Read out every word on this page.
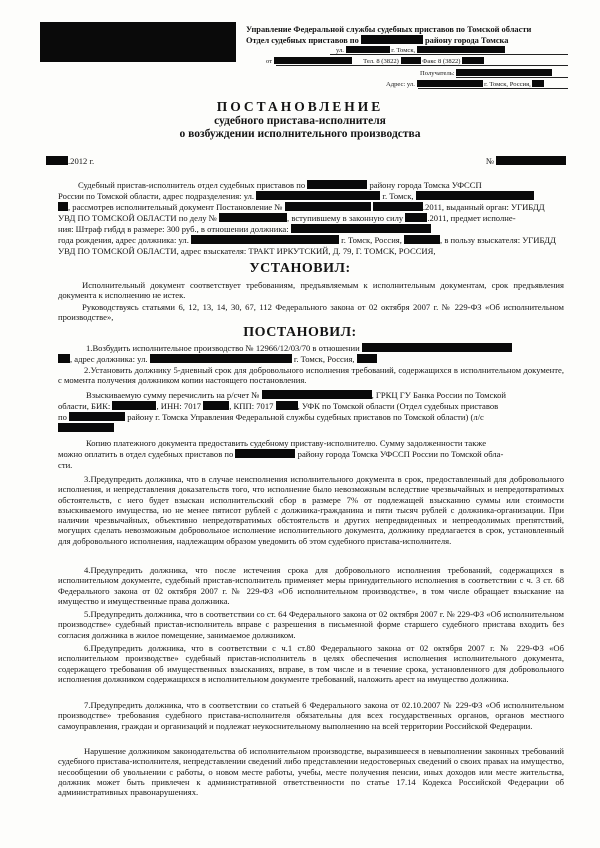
Управление Федеральной службы судебных приставов по Томской области
Отдел судебных приставов по	району города Томска
ул.	г. Томск,
от	Тел. 8 (3822)	Факс 8 (3822)
Получатель:
Адрес: ул.	г. Томск, Россия,
ПОСТАНОВЛЕНИЕ
судебного пристава-исполнителя
о возбуждении исполнительного производства
.2012 г.	№
Судебный пристав-исполнитель отдел судебных приставов по	району города Томска УФССП
России по Томской области, адрес подразделения: ул.	г. Томск,
, рассмотрев исполнительный документ Постановление №	.2011, выданный орган: УГИБДД
УВД ПО ТОМСКОЙ ОБЛАСТИ по делу №	, вступившему в законную силу	.2011, предмет исполне-
ния: Штраф гибдд в размере: 300 руб., в отношении должника:
года рождения, адрес должника: ул.	г. Томск, Россия,	, в пользу взыскателя: УГИБДД
УВД ПО ТОМСКОЙ ОБЛАСТИ, адрес взыскателя: ТРАКТ ИРКУТСКИЙ, Д. 79, Г. ТОМСК, РОССИЯ,
УСТАНОВИЛ:
Исполнительный документ соответствует требованиям, предъявляемым к исполнительным документам, срок предъявления документа к исполнению не истек.
Руководствуясь статьями 6, 12, 13, 14, 30, 67, 112 Федерального закона от 02 октября 2007 г. № 229-ФЗ «Об исполнительном производстве»,
ПОСТАНОВИЛ:
1.Возбудить исполнительное производство № 12966/12/03/70 в отношении
, адрес должника: ул.	г. Томск, Россия,
2.Установить должнику 5-дневный срок для добровольного исполнения требований, содержащихся в исполнительном документе, с момента получения должником копии настоящего постановления.
Взыскиваемую сумму перечислить на р/счет №	, ГРКЦ ГУ Банка России по Томской
области, БИК:	, ИНН: 7017	, КПП: 7017	, УФК по Томской области (Отдел судебных приставов
по	району г. Томска Управления Федеральной службы судебных приставов по Томской области) (л/с
Копию платежного документа предоставить судебному приставу-исполнителю. Сумму задолженности также
можно оплатить в отдел судебных приставов по	району города Томска УФССП России по Томской обла-
сти.
3.Предупредить должника, что в случае неисполнения исполнительного документа в срок, предоставленный для добровольного исполнения, и непредставления доказательств того, что исполнение было невозможным вследствие чрезвычайных и непредотвратимых обстоятельств, с него будет взыскан исполнительский сбор в размере 7% от подлежащей взысканию суммы или стоимости взыскиваемого имущества, но не менее пятисот рублей с должника-гражданина и пяти тысяч рублей с должника-организации. При наличии чрезвычайных, объективно непредотвратимых обстоятельств и других непредвиденных и непреодолимых препятствий, могущих сделать невозможным добровольное исполнение исполнительного документа, должнику предлагается в срок, установленный для добровольного исполнения, надлежащим образом уведомить об этом судебного пристава-исполнителя.
4.Предупредить должника, что после истечения срока для добровольного исполнения требований, содержащихся в исполнительном документе, судебный пристав-исполнитель применяет меры принудительного исполнения в соответствии с ч. 3 ст. 68 Федерального закона от 02 октября 2007 г. № 229-ФЗ «Об исполнительном производстве», в том числе обращает взыскание на имущество и имущественные права должника.
5.Предупредить должника, что в соответствии со ст. 64 Федерального закона от 02 октября 2007 г. № 229-ФЗ «Об исполнительном производстве» судебный пристав-исполнитель вправе с разрешения в письменной форме старшего судебного пристава входить без согласия должника в жилое помещение, занимаемое должником.
6.Предупредить должника, что в соответствии с ч.1 ст.80 Федерального закона от 02 октября 2007 г. № 229-ФЗ «Об исполнительном производстве» судебный пристав-исполнитель в целях обеспечения исполнения исполнительного документа, содержащего требования об имущественных взысканиях, вправе, в том числе и в течение срока, установленного для добровольного исполнения должником содержащихся в исполнительном документе требований, наложить арест на имущество должника.
7.Предупредить должника, что в соответствии со статьей 6 Федерального закона от 02.10.2007 № 229-ФЗ «Об исполнительном производстве» требования судебного пристава-исполнителя обязательны для всех государственных органов, органов местного самоуправления, граждан и организаций и подлежат неукоснительному выполнению на всей территории Российской Федерации.
Нарушение должником законодательства об исполнительном производстве, выразившееся в невыполнении законных требований судебного пристава-исполнителя, непредставлении сведений либо представлении недостоверных сведений о своих правах на имущество, несообщении об увольнении с работы, о новом месте работы, учебы, месте получения пенсии, иных доходов или месте жительства, должник может быть привлечен к административной ответственности по статье 17.14 Кодекса Российской Федерации об административных правонарушениях.
